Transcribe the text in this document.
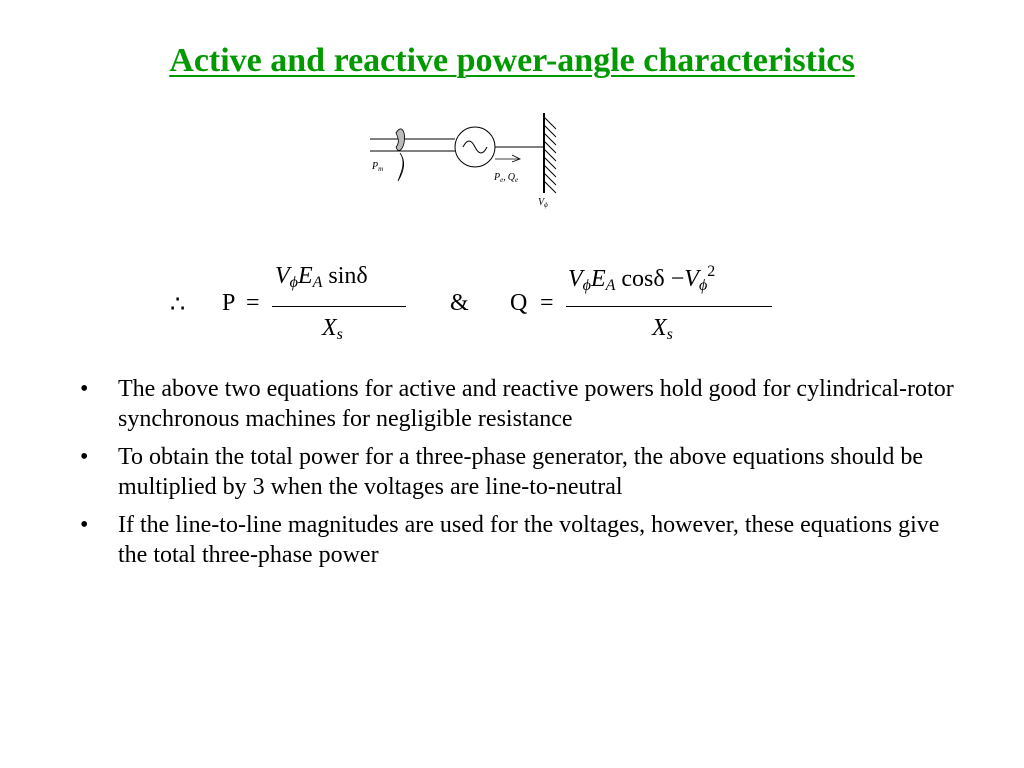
Active and reactive power-angle characteristics
$P_m$
$P_e$, $Q_e$
$V_\phi$
∴ P =
$V_\phi E_A$ sinδ
$X_s$
& Q =
$V_\phi E_A$ $\cos\delta -V_\phi^2$
$X_s$
• The above two equations for active and reactive powers hold good for cylindrical-rotor synchronous machines for negligible resistance
• To obtain the total power for a three-phase generator, the above equations should be multiplied by 3 when the voltages are line-to-neutral
• If the line-to-line magnitudes are used for the voltages, however, these equations give the total three-phase power
